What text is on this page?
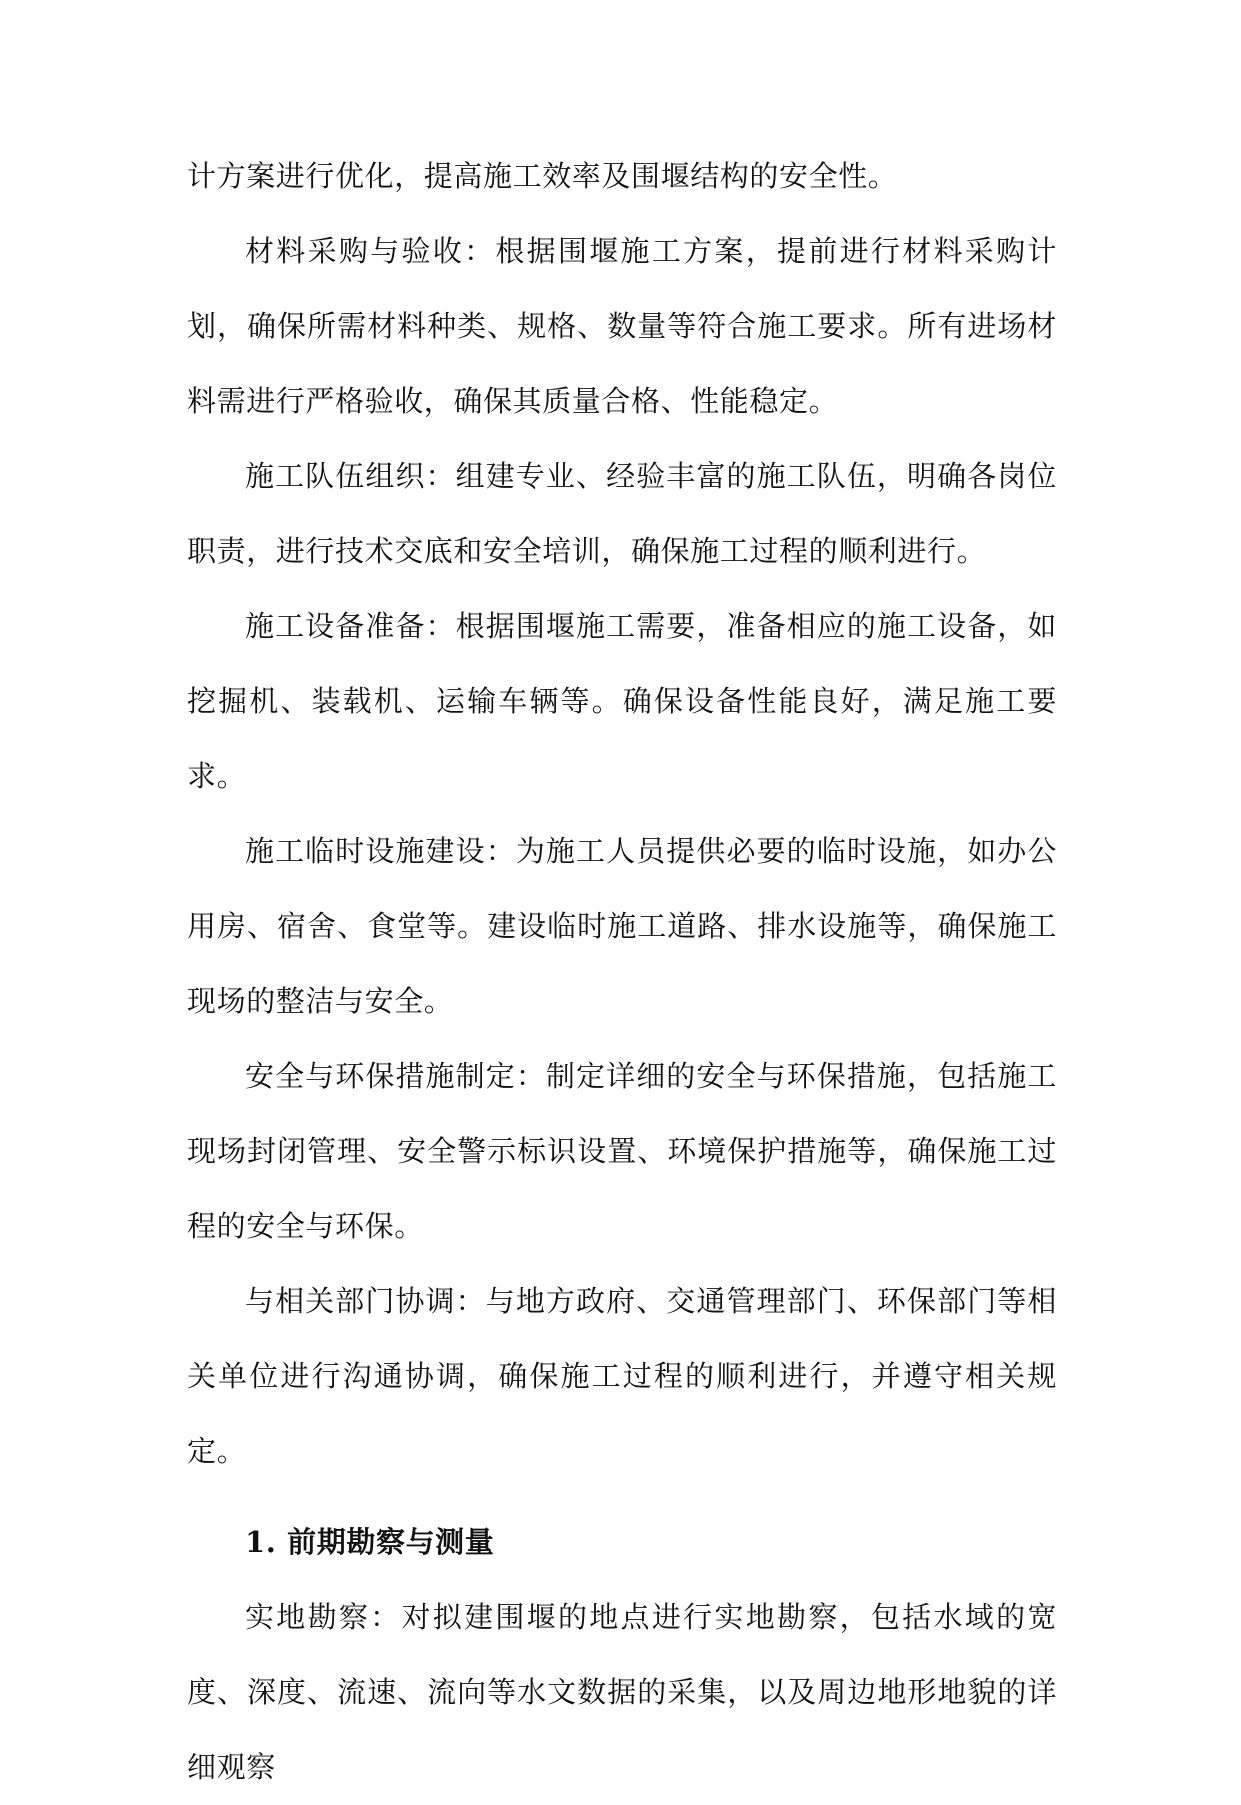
计方案进行优化，提高施工效率及围堰结构的安全性。

材料采购与验收：根据围堰施工方案，提前进行材料采购计划，确保所需材料种类、规格、数量等符合施工要求。所有进场材料需进行严格验收，确保其质量合格、性能稳定。

施工队伍组织：组建专业、经验丰富的施工队伍，明确各岗位职责，进行技术交底和安全培训，确保施工过程的顺利进行。

施工设备准备：根据围堰施工需要，准备相应的施工设备，如挖掘机、装载机、运输车辆等。确保设备性能良好，满足施工要求。

施工临时设施建设：为施工人员提供必要的临时设施，如办公用房、宿舍、食堂等。建设临时施工道路、排水设施等，确保施工现场的整洁与安全。

安全与环保措施制定：制定详细的安全与环保措施，包括施工现场封闭管理、安全警示标识设置、环境保护措施等，确保施工过程的安全与环保。

与相关部门协调：与地方政府、交通管理部门、环保部门等相关单位进行沟通协调，确保施工过程的顺利进行，并遵守相关规定。

1. 前期勘察与测量

实地勘察：对拟建围堰的地点进行实地勘察，包括水域的宽度、深度、流速、流向等水文数据的采集，以及周边地形地貌的详细观察
